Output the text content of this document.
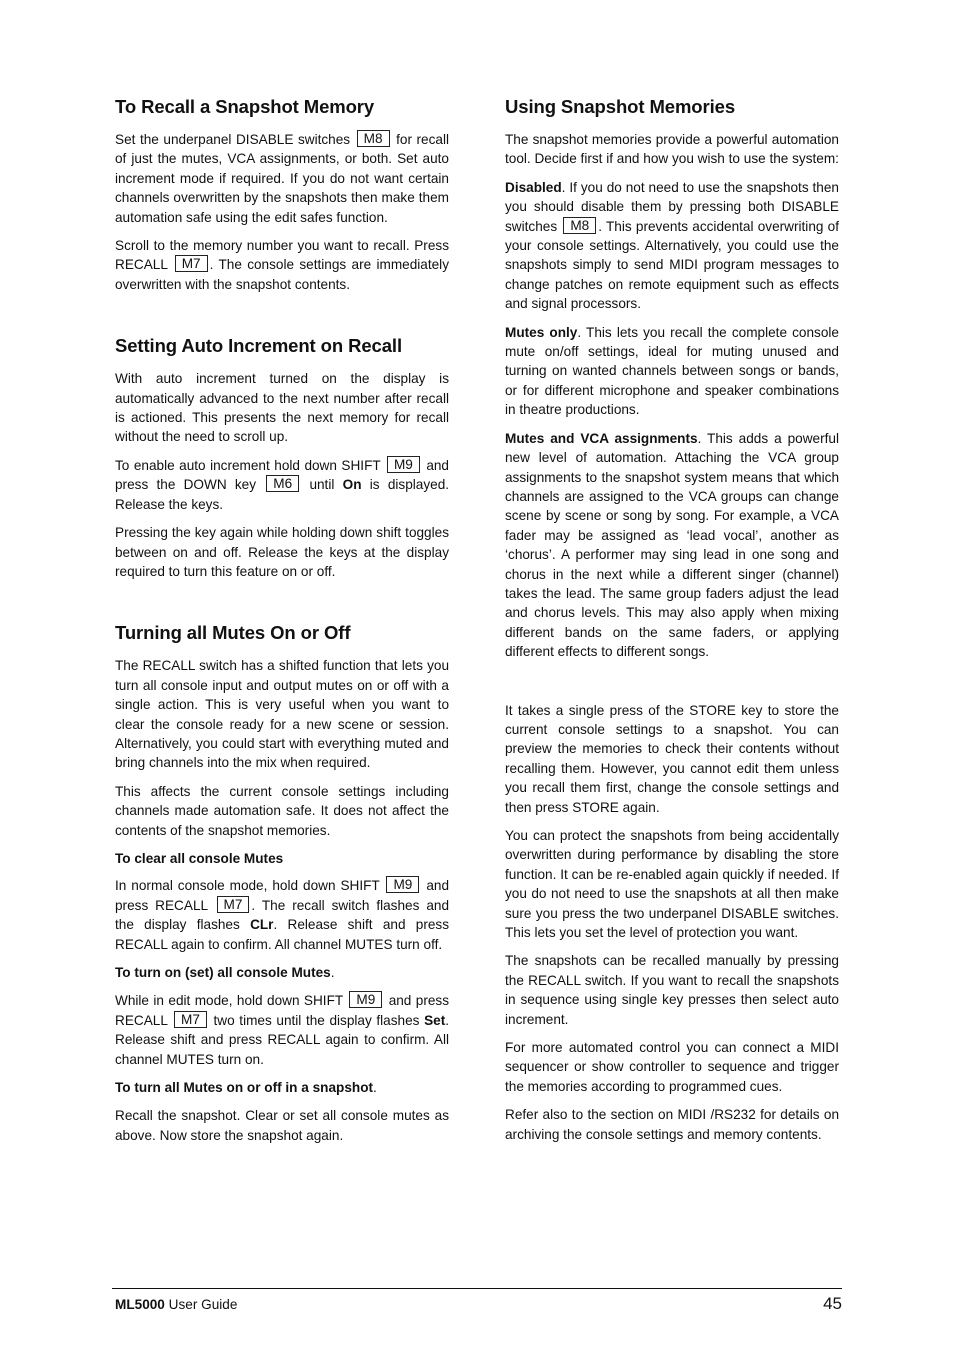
To Recall a Snapshot Memory

Set the underpanel DISABLE switches M8 for recall of just the mutes, VCA assignments, or both. Set auto increment mode if required. If you do not want certain channels overwritten by the snapshots then make them automation safe using the edit safes function.

Scroll to the memory number you want to recall. Press RECALL M7 . The console settings are immediately overwritten with the snapshot contents.

Setting Auto Increment on Recall

With auto increment turned on the display is automatically advanced to the next number after recall is actioned. This presents the next memory for recall without the need to scroll up.

To enable auto increment hold down SHIFT M9 and press the DOWN key M6 until On is displayed. Release the keys.

Pressing the key again while holding down shift toggles between on and off. Release the keys at the display required to turn this feature on or off.

Turning all Mutes On or Off

The RECALL switch has a shifted function that lets you turn all console input and output mutes on or off with a single action. This is very useful when you want to clear the console ready for a new scene or session. Alternatively, you could start with everything muted and bring channels into the mix when required.

This affects the current console settings including channels made automation safe. It does not affect the contents of the snapshot memories.

To clear all console Mutes

In normal console mode, hold down SHIFT M9 and press RECALL M7 . The recall switch flashes and the display flashes CLr. Release shift and press RECALL again to confirm. All channel MUTES turn off.

To turn on (set) all console Mutes.

While in edit mode, hold down SHIFT M9 and press RECALL M7 two times until the display flashes Set. Release shift and press RECALL again to confirm. All channel MUTES turn on.

To turn all Mutes on or off in a snapshot.

Recall the snapshot. Clear or set all console mutes as above. Now store the snapshot again.

Using Snapshot Memories

The snapshot memories provide a powerful automation tool. Decide first if and how you wish to use the system:

Disabled. If you do not need to use the snapshots then you should disable them by pressing both DISABLE switches M8 . This prevents accidental overwriting of your console settings. Alternatively, you could use the snapshots simply to send MIDI program messages to change patches on remote equipment such as effects and signal processors.

Mutes only. This lets you recall the complete console mute on/off settings, ideal for muting unused and turning on wanted channels between songs or bands, or for different microphone and speaker combinations in theatre productions.

Mutes and VCA assignments. This adds a powerful new level of automation. Attaching the VCA group assignments to the snapshot system means that which channels are assigned to the VCA groups can change scene by scene or song by song. For example, a VCA fader may be assigned as ‘lead vocal’, another as ‘chorus’. A performer may sing lead in one song and chorus in the next while a different singer (channel) takes the lead. The same group faders adjust the lead and chorus levels. This may also apply when mixing different bands on the same faders, or applying different effects to different songs.

It takes a single press of the STORE key to store the current console settings to a snapshot. You can preview the memories to check their contents without recalling them. However, you cannot edit them unless you recall them first, change the console settings and then press STORE again.

You can protect the snapshots from being accidentally overwritten during performance by disabling the store function. It can be re-enabled again quickly if needed. If you do not need to use the snapshots at all then make sure you press the two underpanel DISABLE switches. This lets you set the level of protection you want.

The snapshots can be recalled manually by pressing the RECALL switch. If you want to recall the snapshots in sequence using single key presses then select auto increment.

For more automated control you can connect a MIDI sequencer or show controller to sequence and trigger the memories according to programmed cues.

Refer also to the section on MIDI /RS232 for details on archiving the console settings and memory contents.

ML5000 User Guide	45
